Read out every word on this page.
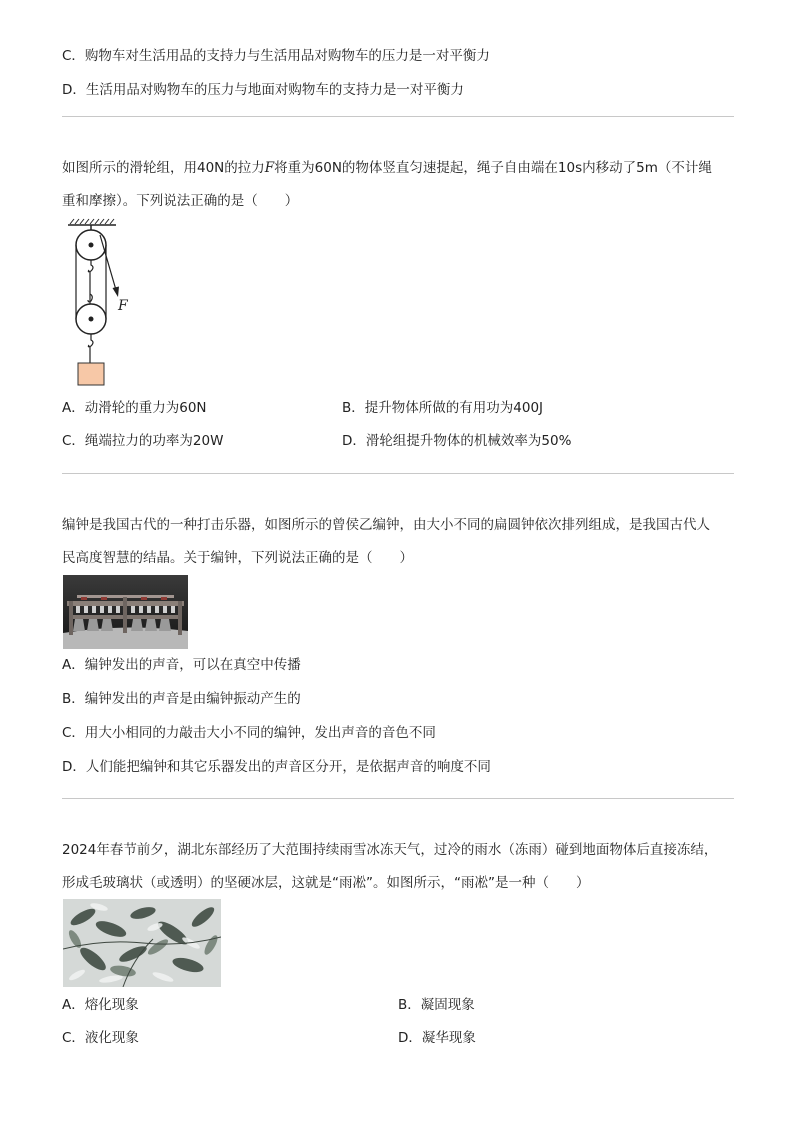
C．购物车对生活用品的支持力与生活用品对购物车的压力是一对平衡力
D．生活用品对购物车的压力与地面对购物车的支持力是一对平衡力
如图所示的滑轮组，用40N的拉力F将重为60N的物体竖直匀速提起，绳子自由端在10s内移动了5m（不计绳
重和摩擦）。下列说法正确的是（　　）
F
A．动滑轮的重力为60N	B．提升物体所做的有用功为400J
C．绳端拉力的功率为20W	D．滑轮组提升物体的机械效率为50%
编钟是我国古代的一种打击乐器，如图所示的曾侯乙编钟，由大小不同的扁圆钟依次排列组成，是我国古代人
民高度智慧的结晶。关于编钟，下列说法正确的是（　　）
A．编钟发出的声音，可以在真空中传播
B．编钟发出的声音是由编钟振动产生的
C．用大小相同的力敲击大小不同的编钟，发出声音的音色不同
D．人们能把编钟和其它乐器发出的声音区分开，是依据声音的响度不同
2024年春节前夕，湖北东部经历了大范围持续雨雪冰冻天气，过冷的雨水（冻雨）碰到地面物体后直接冻结，
形成毛玻璃状（或透明）的坚硬冰层，这就是“雨凇”。如图所示，“雨凇”是一种（　　）
A．熔化现象	B．凝固现象
C．液化现象	D．凝华现象
